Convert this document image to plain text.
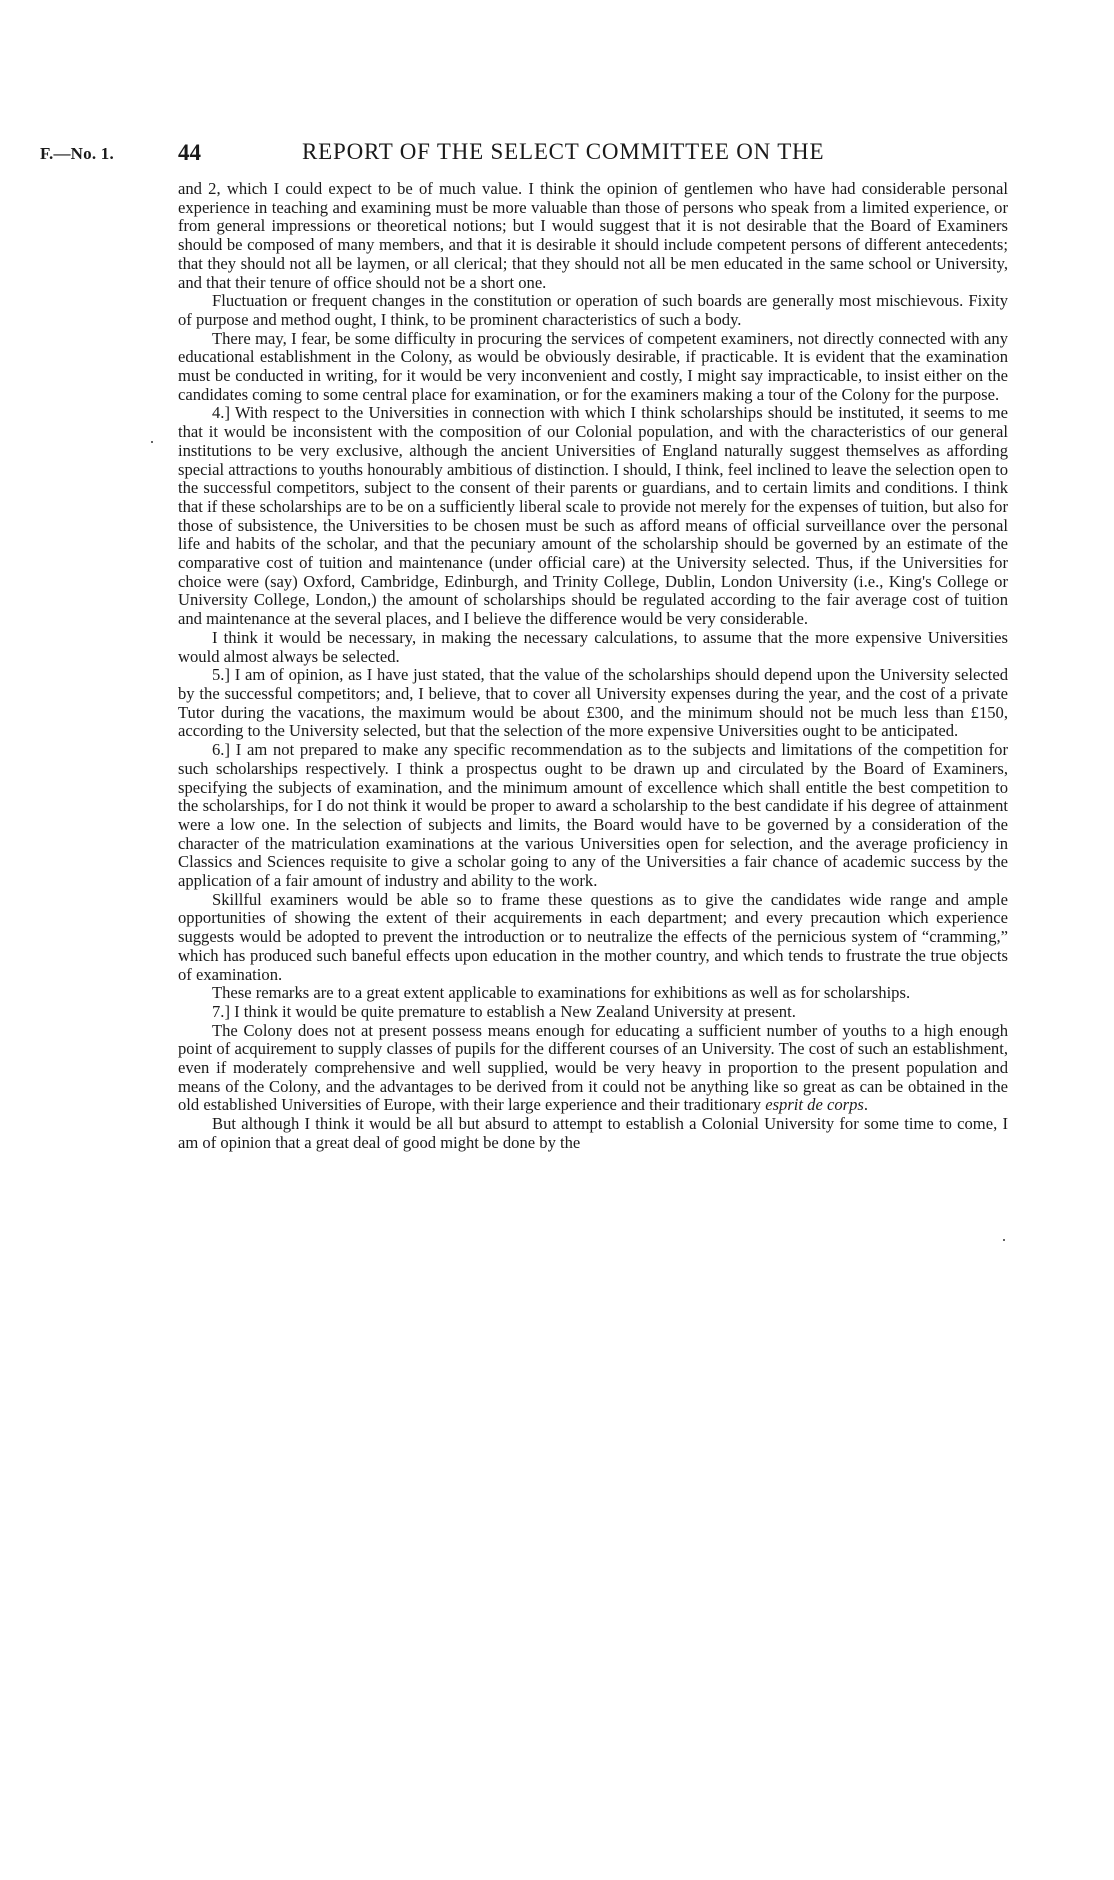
F.—No. 1.	44	REPORT OF THE SELECT COMMITTEE ON THE

and 2, which I could expect to be of much value. I think the opinion of gentlemen who have had considerable personal experience in teaching and examining must be more valuable than those of persons who speak from a limited experience, or from general impressions or theoretical notions; but I would suggest that it is not desirable that the Board of Examiners should be composed of many members, and that it is desirable it should include competent persons of different antecedents; that they should not all be laymen, or all clerical; that they should not all be men educated in the same school or University, and that their tenure of office should not be a short one.

Fluctuation or frequent changes in the constitution or operation of such boards are generally most mischievous. Fixity of purpose and method ought, I think, to be prominent characteristics of such a body.

There may, I fear, be some difficulty in procuring the services of competent examiners, not directly connected with any educational establishment in the Colony, as would be obviously desirable, if practicable. It is evident that the examination must be conducted in writing, for it would be very inconvenient and costly, I might say impracticable, to insist either on the candidates coming to some central place for examination, or for the examiners making a tour of the Colony for the purpose.

4.] With respect to the Universities in connection with which I think scholarships should be instituted, it seems to me that it would be inconsistent with the composition of our Colonial population, and with the characteristics of our general institutions to be very exclusive, although the ancient Universities of England naturally suggest themselves as affording special attractions to youths honourably ambitious of distinction. I should, I think, feel inclined to leave the selection open to the successful competitors, subject to the consent of their parents or guardians, and to certain limits and conditions. I think that if these scholarships are to be on a sufficiently liberal scale to provide not merely for the expenses of tuition, but also for those of subsistence, the Universities to be chosen must be such as afford means of official surveillance over the personal life and habits of the scholar, and that the pecuniary amount of the scholarship should be governed by an estimate of the comparative cost of tuition and maintenance (under official care) at the University selected. Thus, if the Universities for choice were (say) Oxford, Cambridge, Edinburgh, and Trinity College, Dublin, London University (i.e., King's College or University College, London,) the amount of scholarships should be regulated according to the fair average cost of tuition and maintenance at the several places, and I believe the difference would be very considerable.

I think it would be necessary, in making the necessary calculations, to assume that the more expensive Universities would almost always be selected.

5.] I am of opinion, as I have just stated, that the value of the scholarships should depend upon the University selected by the successful competitors; and, I believe, that to cover all University expenses during the year, and the cost of a private Tutor during the vacations, the maximum would be about £300, and the minimum should not be much less than £150, according to the University selected, but that the selection of the more expensive Universities ought to be anticipated.

6.] I am not prepared to make any specific recommendation as to the subjects and limitations of the competition for such scholarships respectively. I think a prospectus ought to be drawn up and circulated by the Board of Examiners, specifying the subjects of examination, and the minimum amount of excellence which shall entitle the best competition to the scholarships, for I do not think it would be proper to award a scholarship to the best candidate if his degree of attainment were a low one. In the selection of subjects and limits, the Board would have to be governed by a consideration of the character of the matriculation examinations at the various Universities open for selection, and the average proficiency in Classics and Sciences requisite to give a scholar going to any of the Universities a fair chance of academic success by the application of a fair amount of industry and ability to the work.

Skillful examiners would be able so to frame these questions as to give the candidates wide range and ample opportunities of showing the extent of their acquirements in each department; and every precaution which experience suggests would be adopted to prevent the introduction or to neutralize the effects of the pernicious system of “cramming,” which has produced such baneful effects upon education in the mother country, and which tends to frustrate the true objects of examination.

These remarks are to a great extent applicable to examinations for exhibitions as well as for scholarships.

7.] I think it would be quite premature to establish a New Zealand University at present.

The Colony does not at present possess means enough for educating a sufficient number of youths to a high enough point of acquirement to supply classes of pupils for the different courses of an University. The cost of such an establishment, even if moderately comprehensive and well supplied, would be very heavy in proportion to the present population and means of the Colony, and the advantages to be derived from it could not be anything like so great as can be obtained in the old established Universities of Europe, with their large experience and their traditionary esprit de corps.

But although I think it would be all but absurd to attempt to establish a Colonial University for some time to come, I am of opinion that a great deal of good might be done by the
